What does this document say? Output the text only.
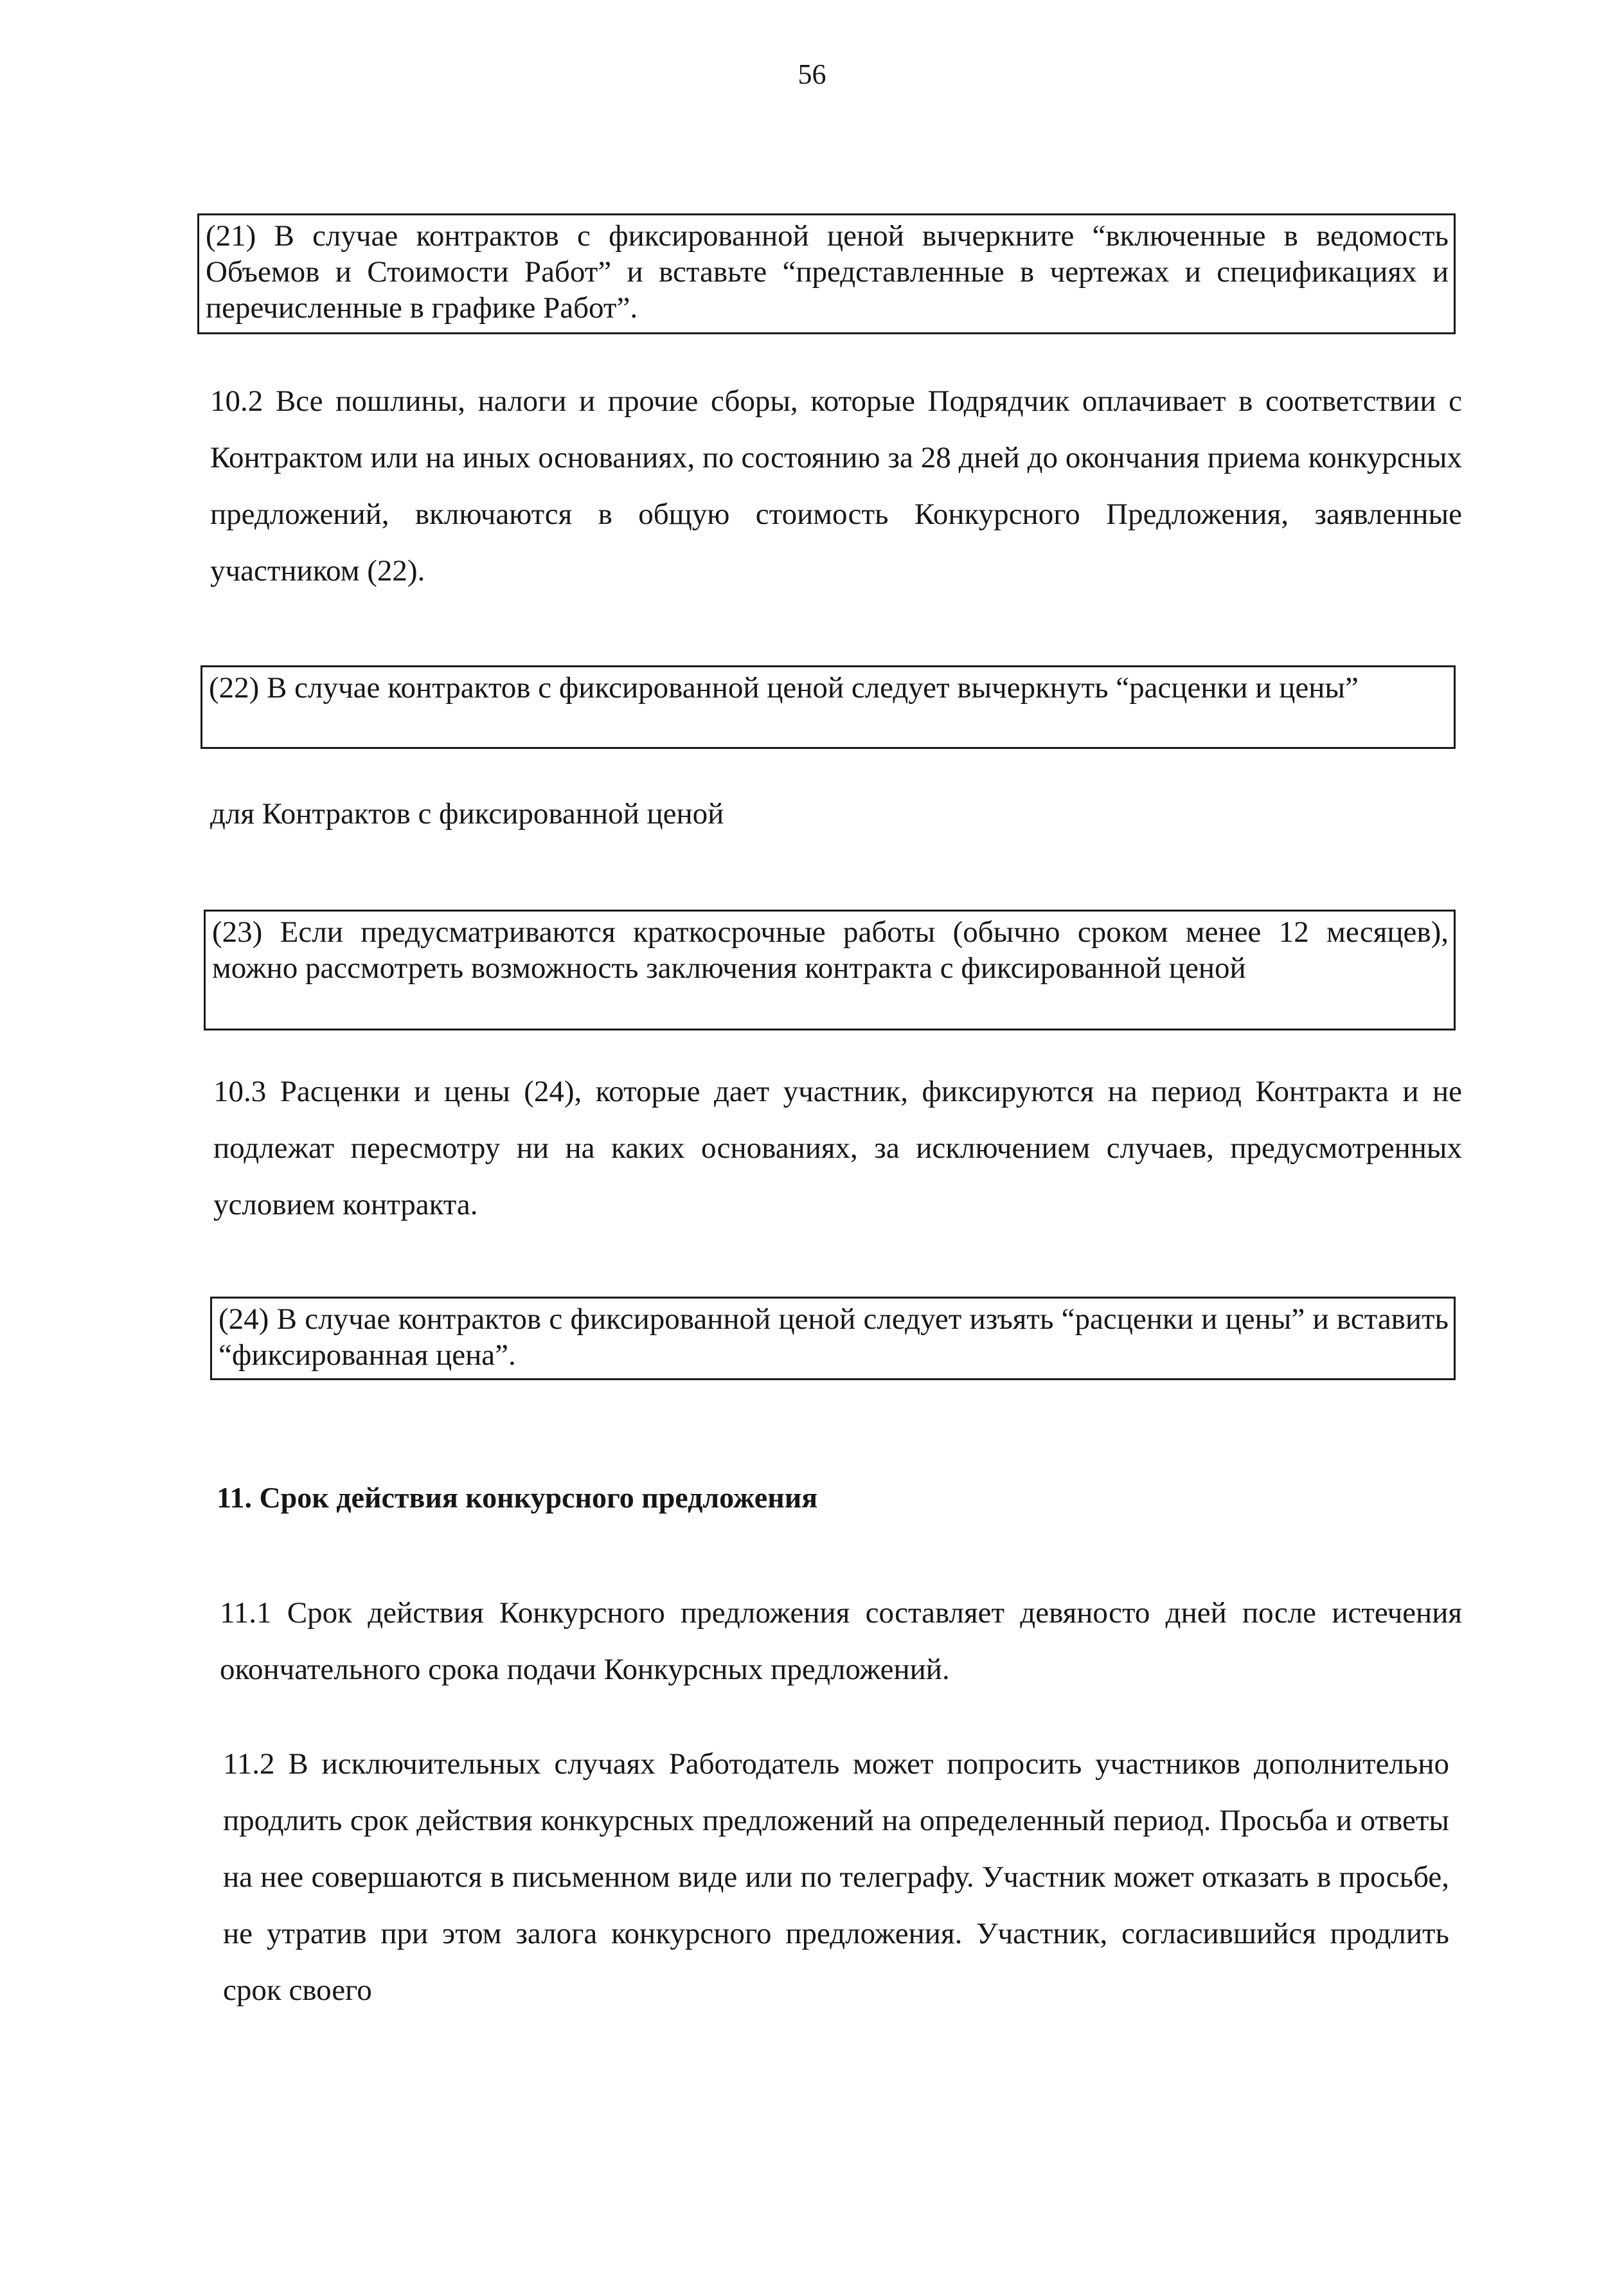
56
(21) В случае контрактов с фиксированной ценой вычеркните “включенные в ведомость Объемов и Стоимости Работ” и вставьте “представленные в чертежах и спецификациях и перечисленные в графике Работ”.

10.2 Все пошлины, налоги и прочие сборы, которые Подрядчик оплачивает в соответствии с Контрактом или на иных основаниях, по состоянию за 28 дней до окончания приема конкурсных предложений, включаются в общую стоимость Конкурсного Предложения, заявленные участником (22).

(22) В случае контрактов с фиксированной ценой следует вычеркнуть “расценки и цены”
для Контрактов с фиксированной ценой
(23) Если предусматриваются краткосрочные работы (обычно сроком менее 12 месяцев), можно рассмотреть возможность заключения контракта с фиксированной ценой

10.3 Расценки и цены (24), которые дает участник, фиксируются на период Контракта и не подлежат пересмотру ни на каких основаниях, за исключением случаев, предусмотренных условием контракта.

(24) В случае контрактов с фиксированной ценой следует изъять “расценки и цены” и вставить “фиксированная цена”.
11. Срок действия конкурсного предложения

11.1 Срок действия Конкурсного предложения составляет девяносто дней после истечения окончательного срока подачи Конкурсных предложений.

11.2 В исключительных случаях Работодатель может попросить участников дополнительно продлить срок действия конкурсных предложений на определенный период. Просьба и ответы на нее совершаются в письменном виде или по телеграфу. Участник может отказать в просьбе, не утратив при этом залога конкурсного предложения. Участник, согласившийся продлить срок своего
